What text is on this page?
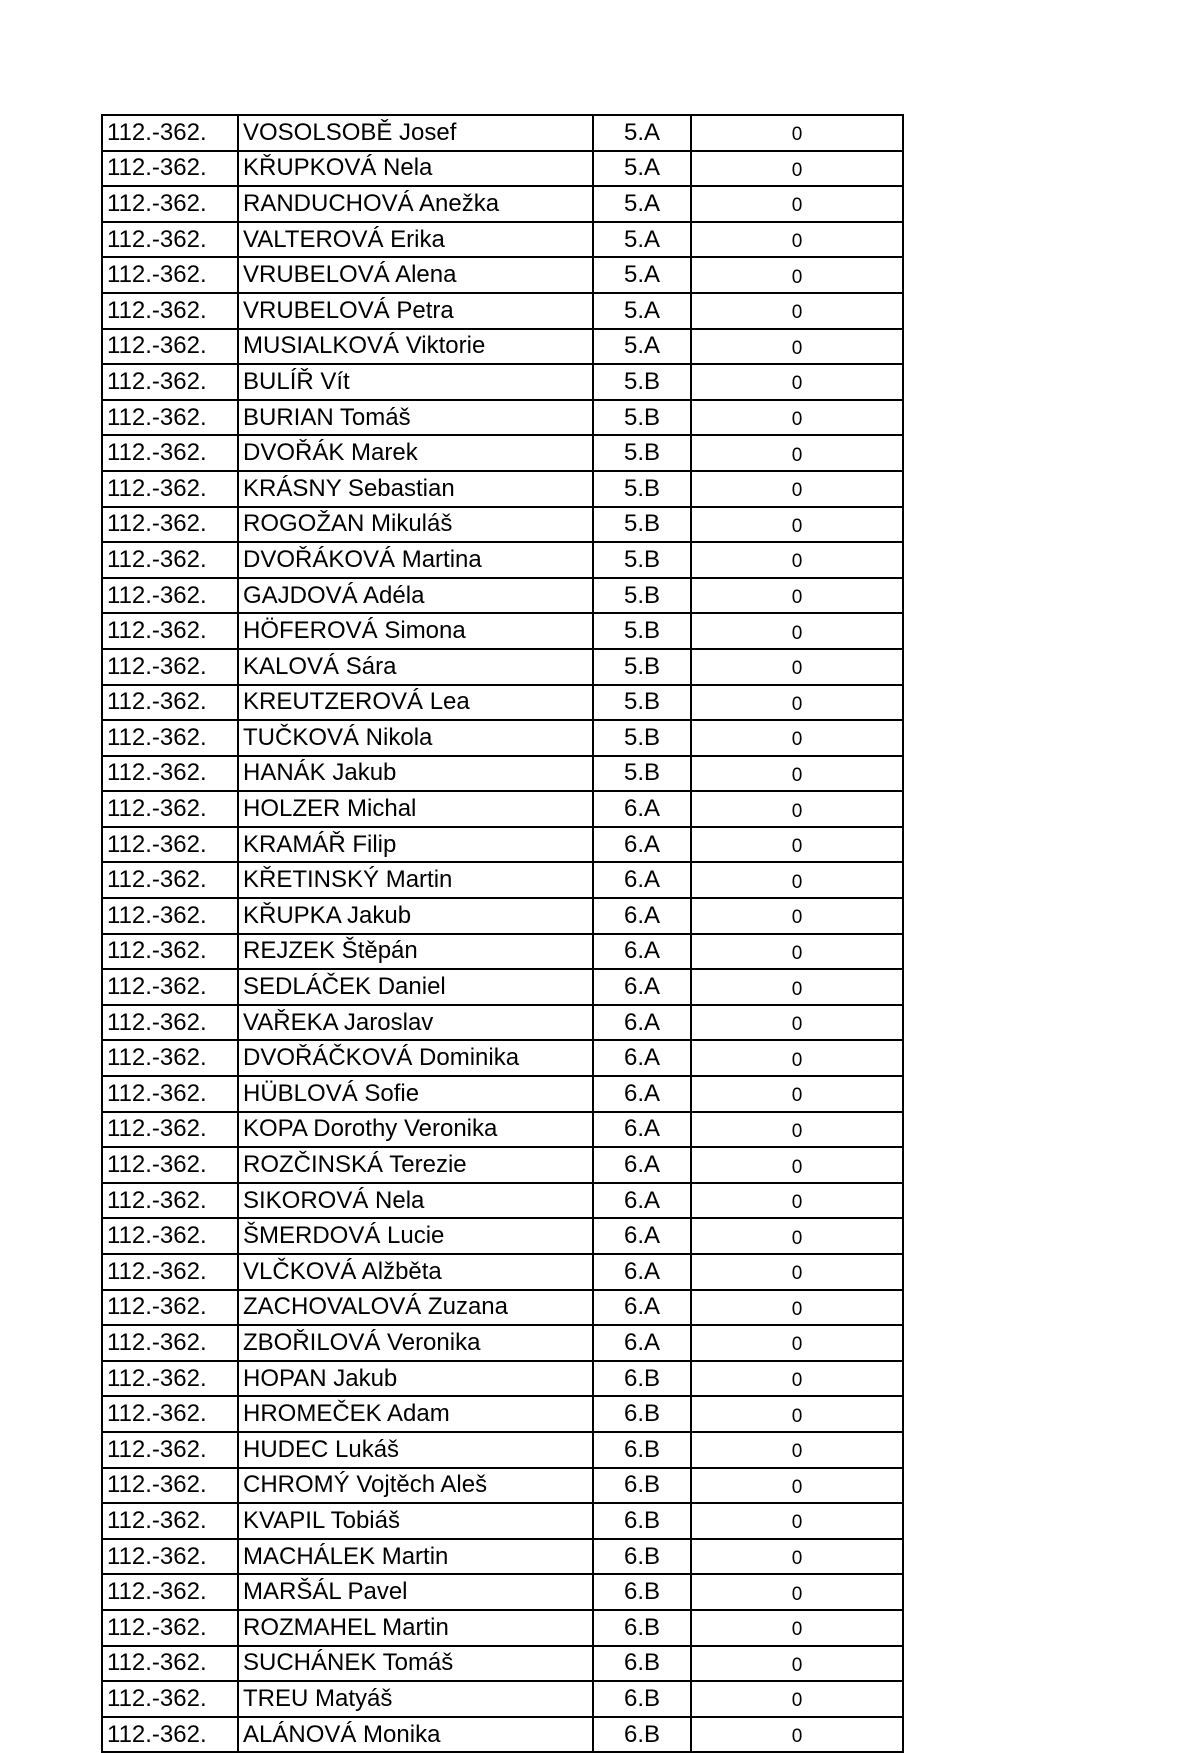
112.-362.	VOSOLSOBĚ Josef	5.A	0
112.-362.	KŘUPKOVÁ Nela	5.A	0
112.-362.	RANDUCHOVÁ Anežka	5.A	0
112.-362.	VALTEROVÁ Erika	5.A	0
112.-362.	VRUBELOVÁ Alena	5.A	0
112.-362.	VRUBELOVÁ Petra	5.A	0
112.-362.	MUSIALKOVÁ Viktorie	5.A	0
112.-362.	BULÍŘ Vít	5.B	0
112.-362.	BURIAN Tomáš	5.B	0
112.-362.	DVOŘÁK Marek	5.B	0
112.-362.	KRÁSNY Sebastian	5.B	0
112.-362.	ROGOŽAN Mikuláš	5.B	0
112.-362.	DVOŘÁKOVÁ Martina	5.B	0
112.-362.	GAJDOVÁ Adéla	5.B	0
112.-362.	HÖFEROVÁ Simona	5.B	0
112.-362.	KALOVÁ Sára	5.B	0
112.-362.	KREUTZEROVÁ Lea	5.B	0
112.-362.	TUČKOVÁ Nikola	5.B	0
112.-362.	HANÁK Jakub	5.B	0
112.-362.	HOLZER Michal	6.A	0
112.-362.	KRAMÁŘ Filip	6.A	0
112.-362.	KŘETINSKÝ Martin	6.A	0
112.-362.	KŘUPKA Jakub	6.A	0
112.-362.	REJZEK Štěpán	6.A	0
112.-362.	SEDLÁČEK Daniel	6.A	0
112.-362.	VAŘEKA Jaroslav	6.A	0
112.-362.	DVOŘÁČKOVÁ Dominika	6.A	0
112.-362.	HÜBLOVÁ Sofie	6.A	0
112.-362.	KOPA Dorothy Veronika	6.A	0
112.-362.	ROZČINSKÁ Terezie	6.A	0
112.-362.	SIKOROVÁ Nela	6.A	0
112.-362.	ŠMERDOVÁ Lucie	6.A	0
112.-362.	VLČKOVÁ Alžběta	6.A	0
112.-362.	ZACHOVALOVÁ Zuzana	6.A	0
112.-362.	ZBOŘILOVÁ Veronika	6.A	0
112.-362.	HOPAN Jakub	6.B	0
112.-362.	HROMEČEK Adam	6.B	0
112.-362.	HUDEC Lukáš	6.B	0
112.-362.	CHROMÝ Vojtěch Aleš	6.B	0
112.-362.	KVAPIL Tobiáš	6.B	0
112.-362.	MACHÁLEK Martin	6.B	0
112.-362.	MARŠÁL Pavel	6.B	0
112.-362.	ROZMAHEL Martin	6.B	0
112.-362.	SUCHÁNEK Tomáš	6.B	0
112.-362.	TREU Matyáš	6.B	0
112.-362.	ALÁNOVÁ Monika	6.B	0
